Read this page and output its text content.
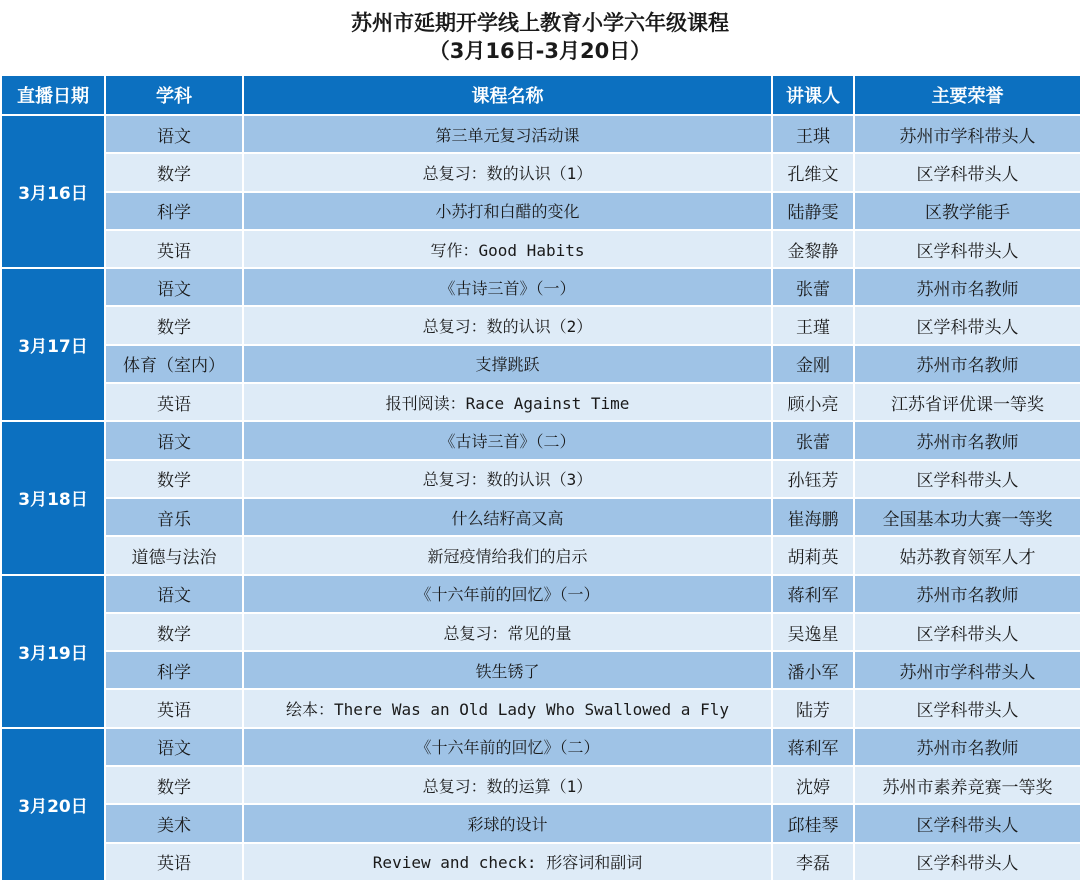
苏州市延期开学线上教育小学六年级课程
（3月16日-3月20日）
直播日期	学科	课程名称	讲课人	主要荣誉
3月16日	语文	第三单元复习活动课	王琪	苏州市学科带头人
	数学	总复习：数的认识（1）	孔维文	区学科带头人
	科学	小苏打和白醋的变化	陆静雯	区教学能手
	英语	写作：Good Habits	金黎静	区学科带头人
3月17日	语文	《古诗三首》（一）	张蕾	苏州市名教师
	数学	总复习：数的认识（2）	王瑾	区学科带头人
	体育（室内）	支撑跳跃	金刚	苏州市名教师
	英语	报刊阅读：Race Against Time	顾小亮	江苏省评优课一等奖
3月18日	语文	《古诗三首》（二）	张蕾	苏州市名教师
	数学	总复习：数的认识（3）	孙钰芳	区学科带头人
	音乐	什么结籽高又高	崔海鹏	全国基本功大赛一等奖
	道德与法治	新冠疫情给我们的启示	胡莉英	姑苏教育领军人才
3月19日	语文	《十六年前的回忆》（一）	蒋利军	苏州市名教师
	数学	总复习：常见的量	吴逸星	区学科带头人
	科学	铁生锈了	潘小军	苏州市学科带头人
	英语	绘本：There Was an Old Lady Who Swallowed a Fly	陆芳	区学科带头人
3月20日	语文	《十六年前的回忆》（二）	蒋利军	苏州市名教师
	数学	总复习：数的运算（1）	沈婷	苏州市素养竞赛一等奖
	美术	彩球的设计	邱桂琴	区学科带头人
	英语	Review and check: 形容词和副词	李磊	区学科带头人
